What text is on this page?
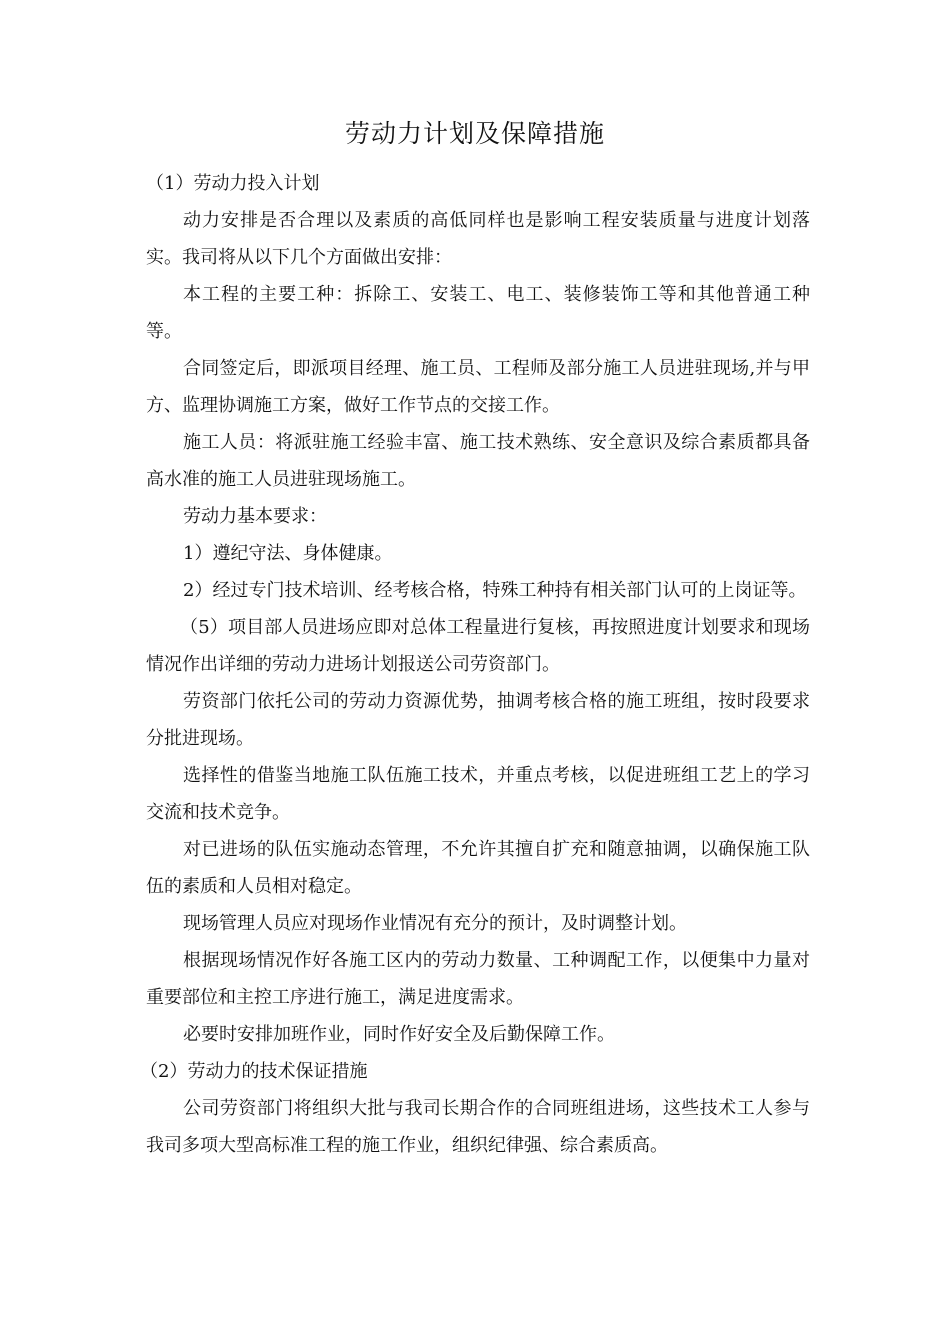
劳动力计划及保障措施

（1）劳动力投入计划

动力安排是否合理以及素质的高低同样也是影响工程安装质量与进度计划落实。我司将从以下几个方面做出安排：

本工程的主要工种：拆除工、安装工、电工、装修装饰工等和其他普通工种等。

合同签定后，即派项目经理、施工员、工程师及部分施工人员进驻现场,并与甲方、监理协调施工方案，做好工作节点的交接工作。

施工人员：将派驻施工经验丰富、施工技术熟练、安全意识及综合素质都具备高水准的施工人员进驻现场施工。

劳动力基本要求：

1）遵纪守法、身体健康。

2）经过专门技术培训、经考核合格，特殊工种持有相关部门认可的上岗证等。

（5）项目部人员进场应即对总体工程量进行复核，再按照进度计划要求和现场情况作出详细的劳动力进场计划报送公司劳资部门。

劳资部门依托公司的劳动力资源优势，抽调考核合格的施工班组，按时段要求分批进现场。

选择性的借鉴当地施工队伍施工技术，并重点考核，以促进班组工艺上的学习交流和技术竞争。

对已进场的队伍实施动态管理，不允许其擅自扩充和随意抽调，以确保施工队伍的素质和人员相对稳定。

现场管理人员应对现场作业情况有充分的预计，及时调整计划。

根据现场情况作好各施工区内的劳动力数量、工种调配工作，以便集中力量对重要部位和主控工序进行施工，满足进度需求。

必要时安排加班作业，同时作好安全及后勤保障工作。

（2）劳动力的技术保证措施

公司劳资部门将组织大批与我司长期合作的合同班组进场，这些技术工人参与我司多项大型高标准工程的施工作业，组织纪律强、综合素质高。
